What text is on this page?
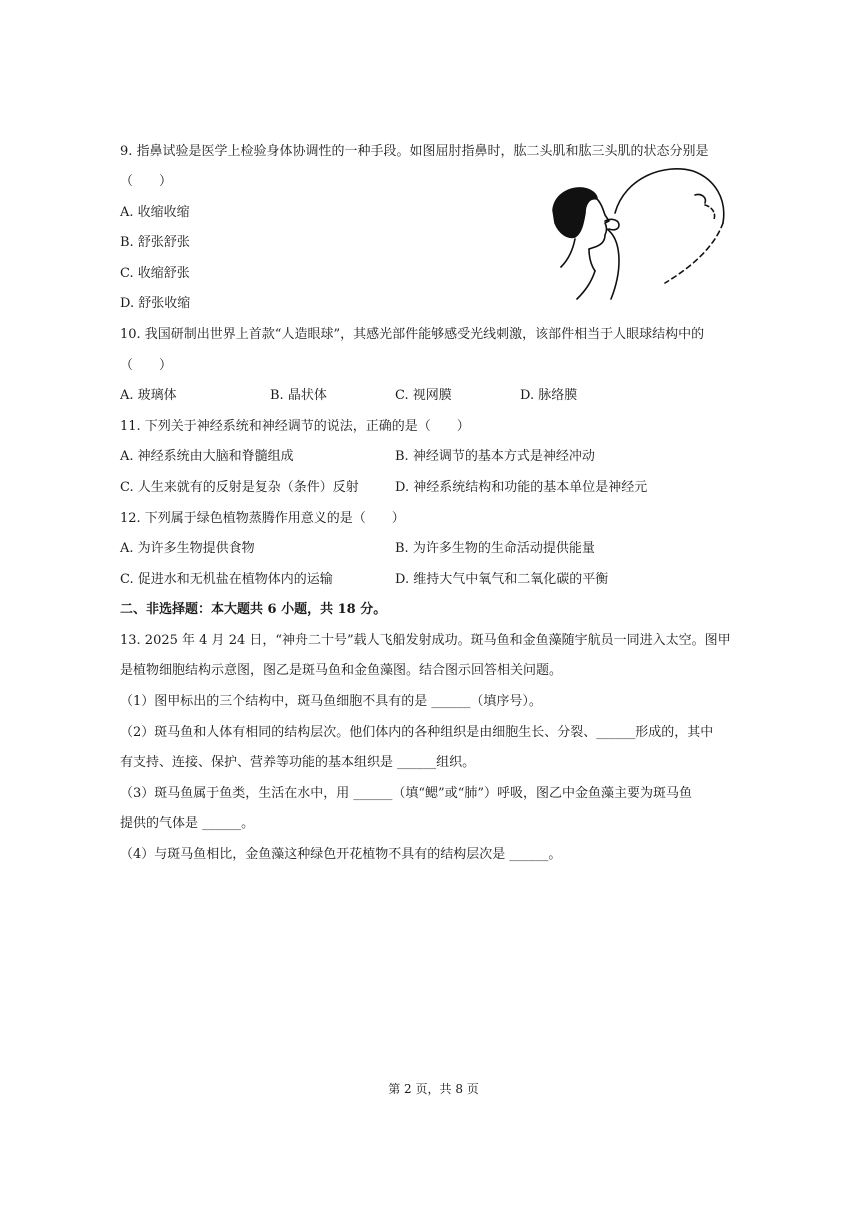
9. 指鼻试验是医学上检验身体协调性的一种手段。如图屈肘指鼻时，肱二头肌和肱三头肌的状态分别是
（　　）
A. 收缩收缩
B. 舒张舒张
C. 收缩舒张
D. 舒张收缩
10. 我国研制出世界上首款“人造眼球”，其感光部件能够感受光线刺激，该部件相当于人眼球结构中的
（　　）
A. 玻璃体	B. 晶状体	C. 视网膜	D. 脉络膜
11. 下列关于神经系统和神经调节的说法，正确的是（　　）
A. 神经系统由大脑和脊髓组成	B. 神经调节的基本方式是神经冲动
C. 人生来就有的反射是复杂（条件）反射	D. 神经系统结构和功能的基本单位是神经元
12. 下列属于绿色植物蒸腾作用意义的是（　　）
A. 为许多生物提供食物	B. 为许多生物的生命活动提供能量
C. 促进水和无机盐在植物体内的运输	D. 维持大气中氧气和二氧化碳的平衡
二、非选择题：本大题共 6 小题，共 18 分。
13. 2025 年 4 月 24 日，“神舟二十号”载人飞船发射成功。斑马鱼和金鱼藻随宇航员一同进入太空。图甲
是植物细胞结构示意图，图乙是斑马鱼和金鱼藻图。结合图示回答相关问题。
（1）图甲标出的三个结构中，斑马鱼细胞不具有的是 ______（填序号）。
（2）斑马鱼和人体有相同的结构层次。他们体内的各种组织是由细胞生长、分裂、______形成的，其中
有支持、连接、保护、营养等功能的基本组织是 ______组织。
（3）斑马鱼属于鱼类，生活在水中，用 ______（填“鳃”或“肺”）呼吸，图乙中金鱼藻主要为斑马鱼
提供的气体是 ______。
（4）与斑马鱼相比，金鱼藻这种绿色开花植物不具有的结构层次是 ______。
第 2 页，共 8 页
